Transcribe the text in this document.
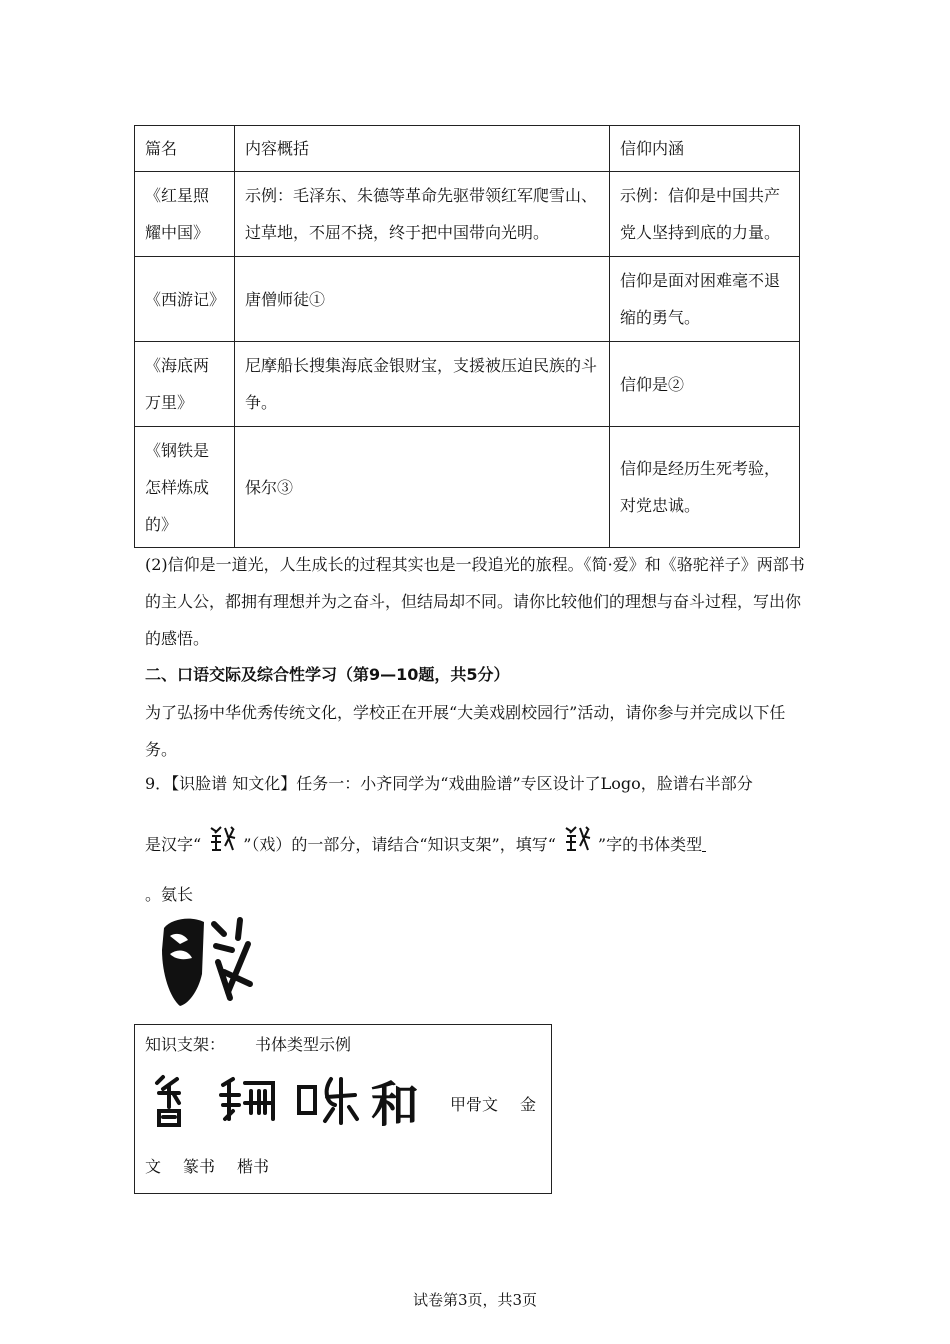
篇名	内容概括	信仰内涵
《红星照耀中国》	示例：毛泽东、朱德等革命先驱带领红军爬雪山、过草地，不屈不挠，终于把中国带向光明。	示例：信仰是中国共产党人坚持到底的力量。
《西游记》	唐僧师徒①	信仰是面对困难毫不退缩的勇气。
《海底两万里》	尼摩船长搜集海底金银财宝，支援被压迫民族的斗争。	信仰是②
《钢铁是怎样炼成的》	保尔③	信仰是经历生死考验，对党忠诚。

(2)信仰是一道光，人生成长的过程其实也是一段追光的旅程。《简·爱》和《骆驼祥子》两部书的主人公，都拥有理想并为之奋斗，但结局却不同。请你比较他们的理想与奋斗过程，写出你的感悟。

二、口语交际及综合性学习（第9—10题，共5分）

为了弘扬中华优秀传统文化，学校正在开展“大美戏剧校园行”活动，请你参与并完成以下任务。

9．【识脸谱 知文化】任务一：小齐同学为“戏曲脸谱”专区设计了Logo，脸谱右半部分

是汉字“	”（戏）的一部分，请结合“知识支架”，填写“	”字的书体类型

。氨长

知识支架： 书体类型示例
和 甲骨文 金
文 篆书 楷书
试卷第3页，共3页
